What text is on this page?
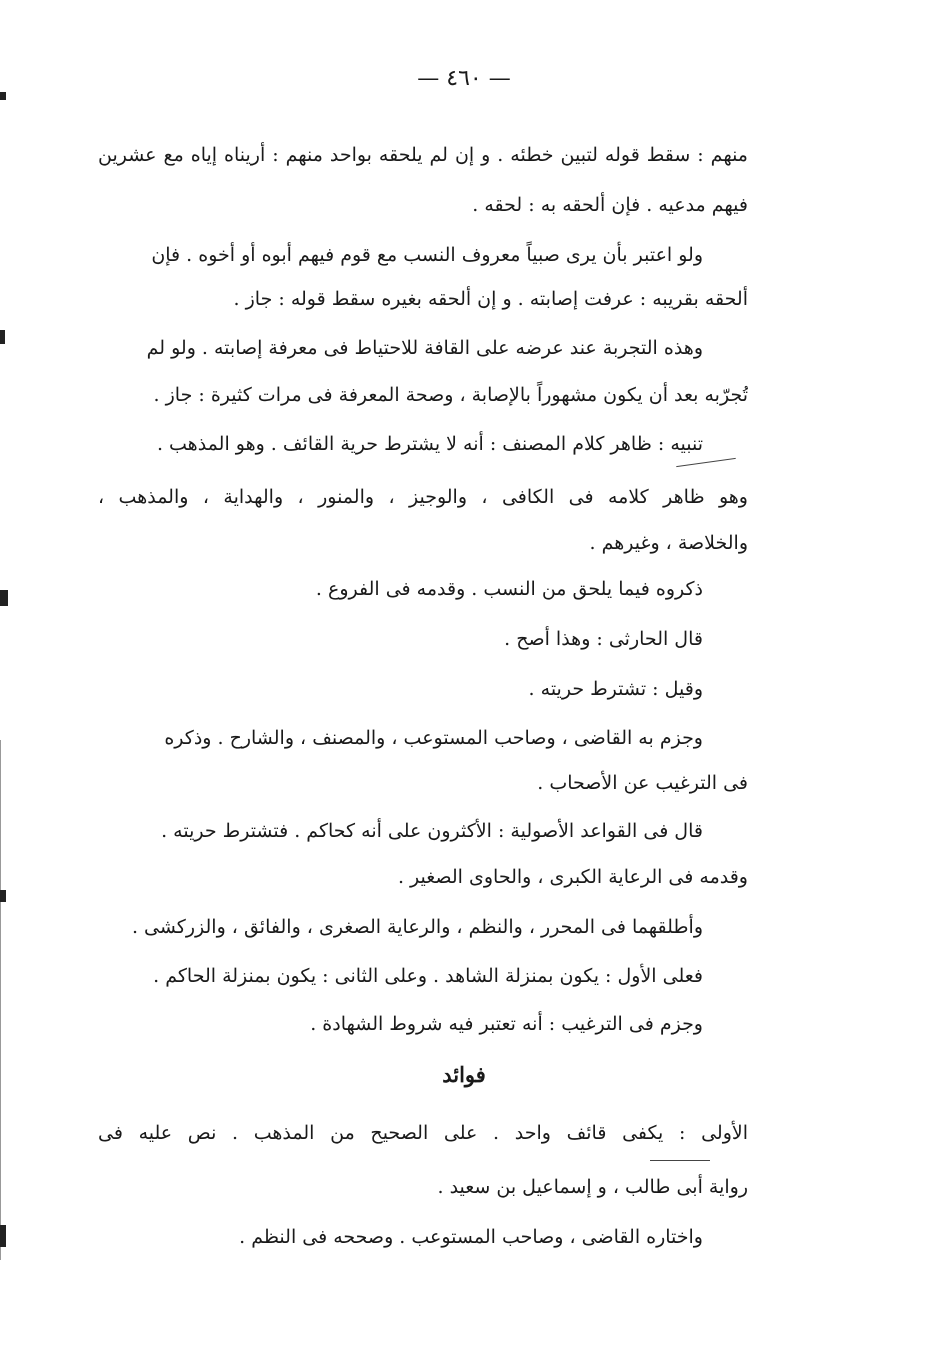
— ٤٦٠ —
منهم : سقط قوله لتبين خطئه . و إن لم يلحقه بواحد منهم : أريناه إياه مع عشرين
فيهم مدعيه . فإن ألحقه به : لحقه .
ولو اعتبر بأن يرى صبياً معروف النسب مع قوم فيهم أبوه أو أخوه . فإن
ألحقه بقريبه : عرفت إصابته . و إن ألحقه بغيره سقط قوله : جاز .
وهذه التجربة عند عرضه على القافة للاحتياط فى معرفة إصابته . ولو لم
تُجرّبه بعد أن يكون مشهوراً بالإصابة ، وصحة المعرفة فى مرات كثيرة : جاز .
تنبيه : ظاهر كلام المصنف : أنه لا يشترط حرية القائف . وهو المذهب .
وهو ظاهر كلامه فى الكافى ، والوجيز ، والمنور ، والهداية ، والمذهب ،
والخلاصة ، وغيرهم .
ذكروه فيما يلحق من النسب . وقدمه فى الفروع .
قال الحارثى : وهذا أصح .
وقيل : تشترط حريته .
وجزم به القاضى ، وصاحب المستوعب ، والمصنف ، والشارح . وذكره
فى الترغيب عن الأصحاب .
قال فى القواعد الأصولية : الأكثرون على أنه كحاكم . فتشترط حريته .
وقدمه فى الرعاية الكبرى ، والحاوى الصغير .
وأطلقهما فى المحرر ، والنظم ، والرعاية الصغرى ، والفائق ، والزركشى .
فعلى الأول : يكون بمنزلة الشاهد . وعلى الثانى : يكون بمنزلة الحاكم .
وجزم فى الترغيب : أنه تعتبر فيه شروط الشهادة .
فوائد
الأولى : يكفى قائف واحد . على الصحيح من المذهب . نص عليه فى
رواية أبى طالب ، و إسماعيل بن سعيد .
واختاره القاضى ، وصاحب المستوعب . وصححه فى النظم .
